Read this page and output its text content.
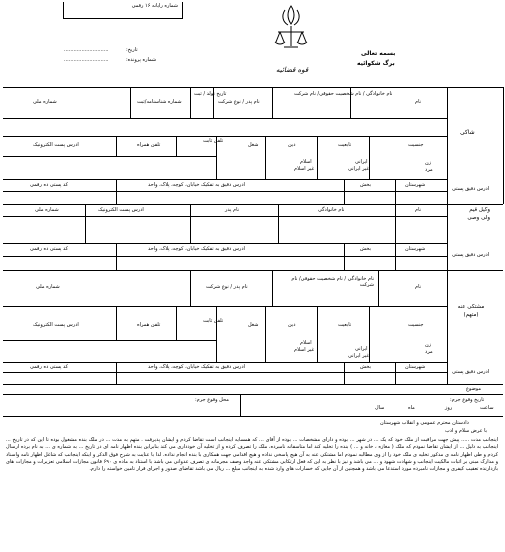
شماره رایانه ۱۶ رقمی
............................	تاریخ:
............................	شماره پرونده:
قوه قضائیه
بسمه تعالی
برگ شکوائیه
شاکی
نام
نام خانوادگی / نام شخصیت حقوقی/ نام شرکت
نام پدر / نوع شرکت
تاریخ تولد / ثبت
شماره شناسنامه/ثبت
شماره ملی
جنسیت
تابعیت
دین
شغل
تلفن ثابت
تلفن همراه
ادرس پست الکترونیک
زن
مرد
ایرانی
غیر ایرانی
اسلام
غیر اسلام
ادرس دقیق پستی
شهرستان
بخش
ادرس دقیق به تفکیک خیابان، کوچه، پلاک، واحد
کد پستی ده رقمی
وکیل قیم ولی وصی
نام
نام خانوادگی
نام پدر
ادرس پست الکترونیک
شماره ملی
ادرس دقیق پستی
شهرستان
بخش
ادرس دقیق به تفکیک خیابان، کوچه، پلاک، واحد
کد پستی ده رقمی
مشتکی عنه (متهم)
نام
نام خانوادگی / نام شخصیت حقوقی/ نام شرکت
نام پدر / نوع شرکت
شماره ملی
جنسیت
تابعیت
دین
شغل
تلفن ثابت
تلفن همراه
ادرس پست الکترونیک
زن
مرد
ایرانی
غیر ایرانی
اسلام
غیر اسلام
ادرس دقیق پستی
شهرستان
بخش
ادرس دقیق به تفکیک خیابان، کوچه، پلاک، واحد
کد پستی ده رقمی
موضوع
تاریخ وقوع جرم:
ساعت
روز
ماه
سال
محل وقوع جرم:
دادستان محترم عمومی و انقلاب شهرستان
با عرض سلام و ادب
اینجانب مدت ..... پیش جهت مراقبت از ملک خود که یک ... در شهر ... بوده و دارای مشخصات ... بوده از آقای ... که همسایه اینجانب است تقاضا کردم و ایشان پذیرفت . متهم به مدت ... در ملک بنده مشغول بوده تا این که در تاریخ ... اینجانب به دلیل ... از ایشان تقاضا نمودم که ملک ( مغازه ، خانه و ... ) بنده را تخلیه کند اما متاسفانه نامبرده، ملک را تصرف کرده و از تخلیه آن خودداری می کند بنابراین بنده اظهار نامه ای در تاریخ ... به شماره ی ... به نام برده ارسال کردم و طی اظهار نامه ی مذکور تخلیه ی ملک خود را از وی مطالبه نمودم اما مشتکی عنه به آن هیچ پاسخی نداده و هیچ اقدامی جهت همکاری با بنده انجام نداده. لذا با عنایت به شرح فوق الذکر و اینکه اینجانب که شاغل اظهار نامه واسناد و مدارک مبنی بر اثبات مالکیت اینجانب و شهادت شهود و ... می باشد و نیز با نظر به این که فعل ارتکابی مشتکی عنه واجد وصف مجرمانه ی تصرف عدوانی می باشد با استناد به ماده ی ۶۹۰ قانون مجازات اسلامی تعزیرات و مجازات های بازدارنده تعقیب کیفری و مجازات نامبرده مورد استدعا می باشد و همچنین از آن جایی که خسارات های وارد شده به اینجانب مبلغ ... ریال می باشد تقاضای صدور و اجرای قرار تامین خواسته را دارم.
